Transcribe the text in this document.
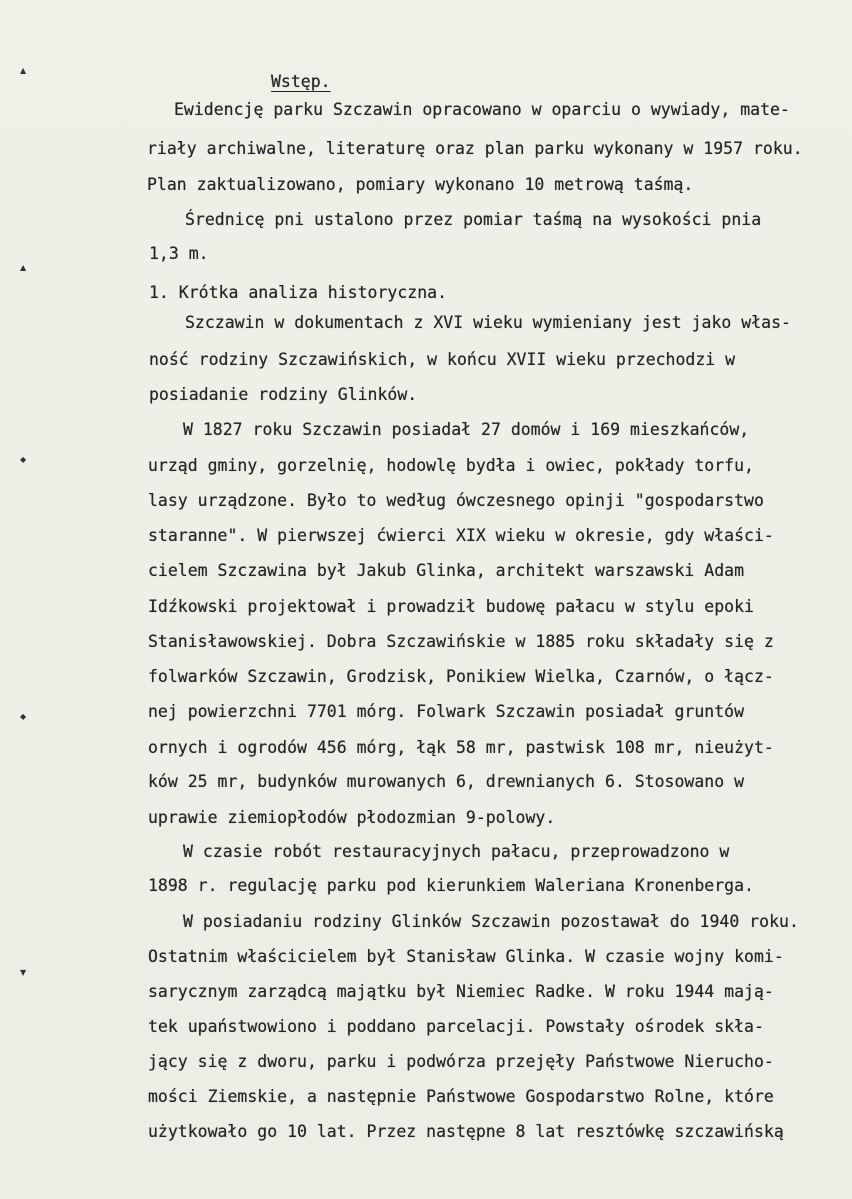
▲
▲
◆
◆
▼
Wstęp.
Ewidencję parku Szczawin opracowano w oparciu o wywiady, mate-
riały archiwalne, literaturę oraz plan parku wykonany w 1957 roku.
Plan zaktualizowano, pomiary wykonano 10 metrową taśmą.
Średnicę pni ustalono przez pomiar taśmą na wysokości pnia
1,3 m.
1. Krótka analiza historyczna.
Szczawin w dokumentach z XVI wieku wymieniany jest jako włas-
ność rodziny Szczawińskich, w końcu XVII wieku przechodzi w
posiadanie rodziny Glinków.
W 1827 roku Szczawin posiadał 27 domów i 169 mieszkańców,
urząd gminy, gorzelnię, hodowlę bydła i owiec, pokłady torfu,
lasy urządzone. Było to według ówczesnego opinji "gospodarstwo
staranne". W pierwszej ćwierci XIX wieku w okresie, gdy właści-
cielem Szczawina był Jakub Glinka, architekt warszawski Adam
Idźkowski projektował i prowadził budowę pałacu w stylu epoki
Stanisławowskiej. Dobra Szczawińskie w 1885 roku składały się z
folwarków Szczawin, Grodzisk, Ponikiew Wielka, Czarnów, o łącz-
nej powierzchni 7701 mórg. Folwark Szczawin posiadał gruntów
ornych i ogrodów 456 mórg, łąk 58 mr, pastwisk 108 mr, nieużyt-
ków 25 mr, budynków murowanych 6, drewnianych 6. Stosowano w
uprawie ziemiopłodów płodozmian 9-polowy.
W czasie robót restauracyjnych pałacu, przeprowadzono w
1898 r. regulację parku pod kierunkiem Waleriana Kronenberga.
W posiadaniu rodziny Glinków Szczawin pozostawał do 1940 roku.
Ostatnim właścicielem był Stanisław Glinka. W czasie wojny komi-
sarycznym zarządcą majątku był Niemiec Radke. W roku 1944 mają-
tek upaństwowiono i poddano parcelacji. Powstały ośrodek skła-
jący się z dworu, parku i podwórza przejęły Państwowe Nierucho-
mości Ziemskie, a następnie Państwowe Gospodarstwo Rolne, które
użytkowało go 10 lat. Przez następne 8 lat resztówkę szczawińską
